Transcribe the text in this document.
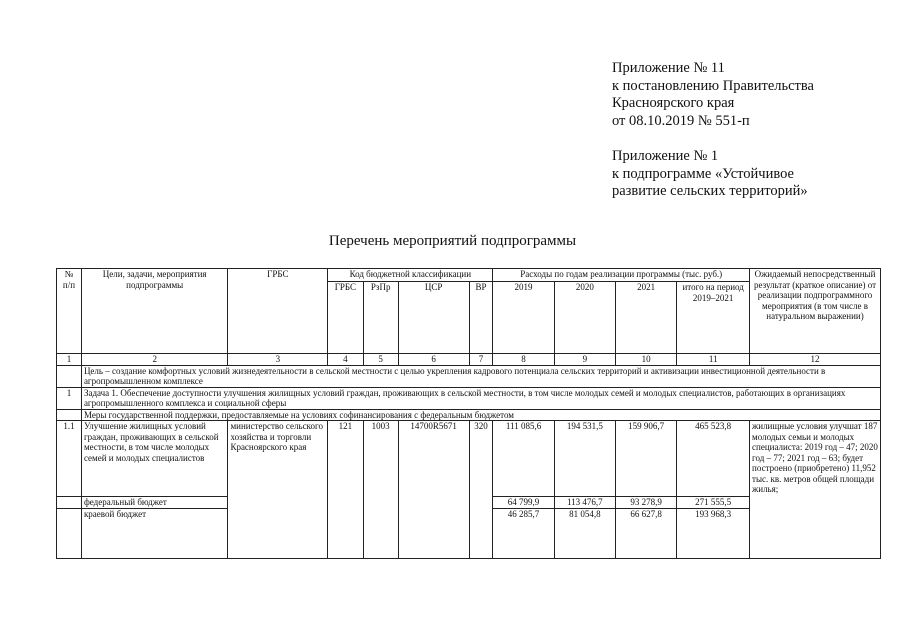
Приложение № 11
к постановлению Правительства
Красноярского края
от 08.10.2019 № 551-п
Приложение № 1
к подпрограмме «Устойчивое
развитие сельских территорий»
Перечень мероприятий подпрограммы
№
п/п	Цели, задачи, мероприятия подпрограммы	ГРБС	Код бюджетной классификации				Расходы по годам реализации программы (тыс. руб.)				Ожидаемый непосредственный результат (краткое описание) от реализации подпрограммного мероприятия (в том числе в натуральном выражении)
			ГРБС	РзПр	ЦСР	ВР	2019	2020	2021	итого на период 2019–2021	
1	2	3	4	5	6	7	8	9	10	11	12
	Цель – создание комфортных условий жизнедеятельности в сельской местности с целью укрепления кадрового потенциала сельских территорий и активизации инвестиционной деятельности в агропромышленном комплексе										
1	Задача 1. Обеспечение доступности улучшения жилищных условий граждан, проживающих в сельской местности, в том числе молодых семей и молодых специалистов, работающих в организациях агропромышленного комплекса и социальной сферы										
	Меры государственной поддержки, предоставляемые на условиях софинансирования с федеральным бюджетом										
1.1	Улучшение жилищных условий граждан, проживающих в сельской местности, в том числе молодых семей и молодых специалистов	министерство сельского хозяйства и торговли Красноярского края	121	1003	14700R5671	320	111 085,6	194 531,5	159 906,7	465 523,8	жилищные условия улучшат 187 молодых семьи и молодых специалиста: 2019 год – 47; 2020 год – 77; 2021 год – 63; будет построено (приобретено) 11,952 тыс. кв. метров общей площади жилья;
	федеральный бюджет						64 799,9	113 476,7	93 278,9	271 555,5	
	краевой бюджет						46 285,7	81 054,8	66 627,8	193 968,3	
